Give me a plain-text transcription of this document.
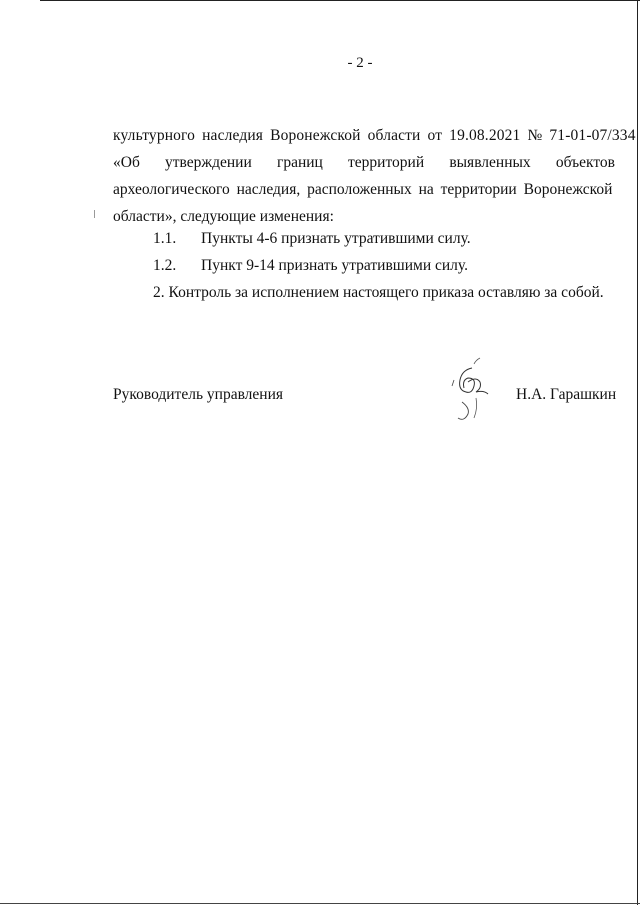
- 2 -
культурного наследия Воронежской области от 19.08.2021 № 71-01-07/334
«Об утверждении границ территорий выявленных объектов
археологического наследия, расположенных на территории Воронежской
области», следующие изменения:
1.1. Пункты 4-6 признать утратившими силу.
1.2. Пункт 9-14 признать утратившими силу.
2. Контроль за исполнением настоящего приказа оставляю за собой.
Руководитель управления	Н.А. Гарашкин
